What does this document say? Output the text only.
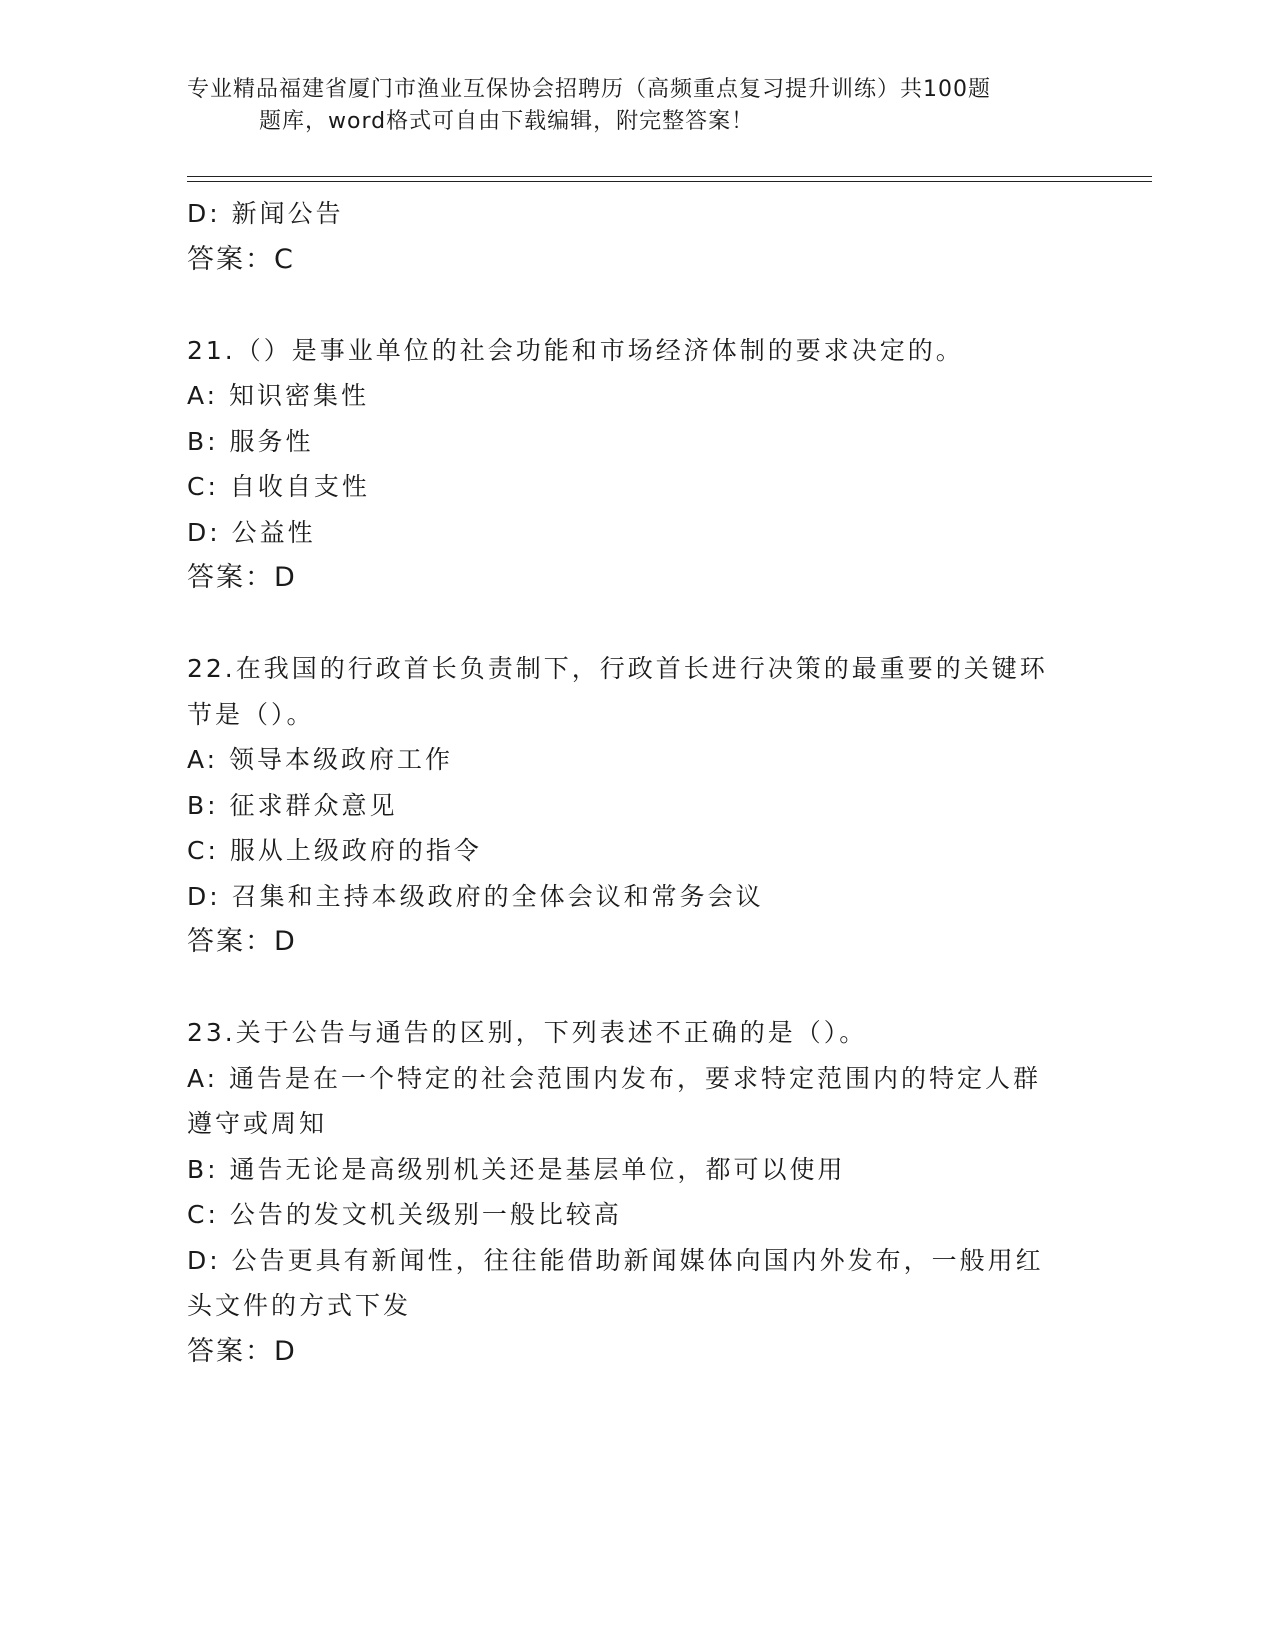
专业精品福建省厦门市渔业互保协会招聘历（高频重点复习提升训练）共100题
题库，word格式可自由下载编辑，附完整答案！
D: 新闻公告
答案：C
21.（）是事业单位的社会功能和市场经济体制的要求决定的。
A: 知识密集性
B: 服务性
C: 自收自支性
D: 公益性
答案：D
22.在我国的行政首长负责制下，行政首长进行决策的最重要的关键环
节是（）。
A: 领导本级政府工作
B: 征求群众意见
C: 服从上级政府的指令
D: 召集和主持本级政府的全体会议和常务会议
答案：D
23.关于公告与通告的区别，下列表述不正确的是（）。
A: 通告是在一个特定的社会范围内发布，要求特定范围内的特定人群
遵守或周知
B: 通告无论是高级别机关还是基层单位，都可以使用
C: 公告的发文机关级别一般比较高
D: 公告更具有新闻性，往往能借助新闻媒体向国内外发布，一般用红
头文件的方式下发
答案：D
